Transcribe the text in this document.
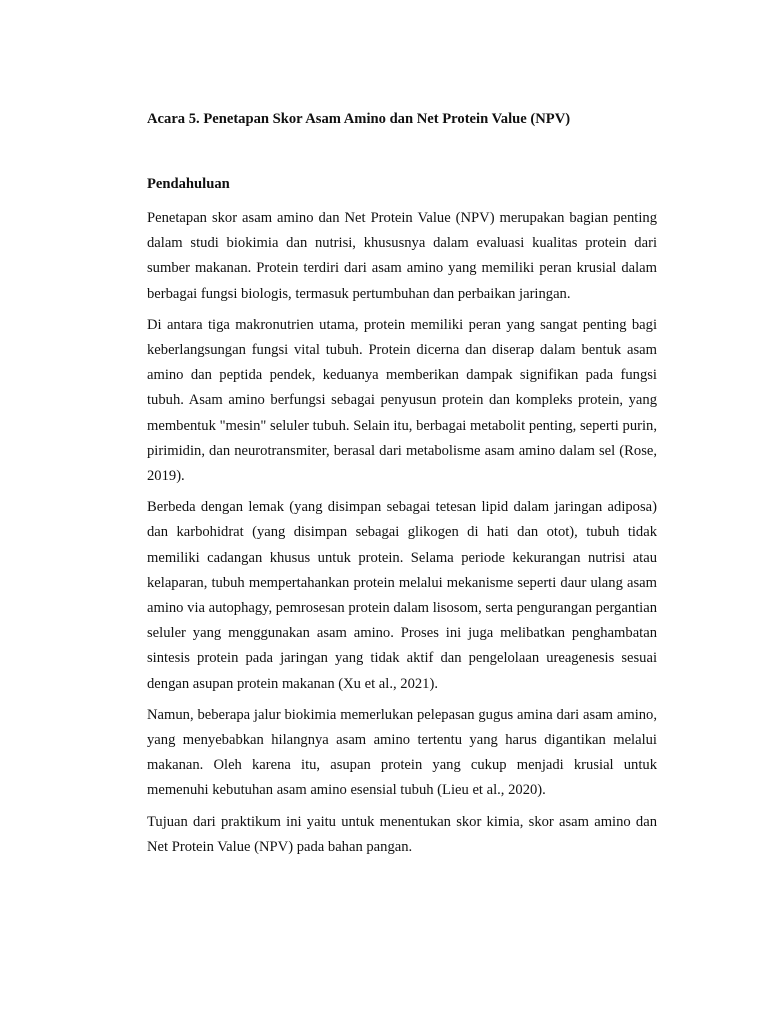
Acara 5. Penetapan Skor Asam Amino dan Net Protein Value (NPV)
Pendahuluan

Penetapan skor asam amino dan Net Protein Value (NPV) merupakan bagian penting dalam studi biokimia dan nutrisi, khususnya dalam evaluasi kualitas protein dari sumber makanan. Protein terdiri dari asam amino yang memiliki peran krusial dalam berbagai fungsi biologis, termasuk pertumbuhan dan perbaikan jaringan.

Di antara tiga makronutrien utama, protein memiliki peran yang sangat penting bagi keberlangsungan fungsi vital tubuh. Protein dicerna dan diserap dalam bentuk asam amino dan peptida pendek, keduanya memberikan dampak signifikan pada fungsi tubuh. Asam amino berfungsi sebagai penyusun protein dan kompleks protein, yang membentuk "mesin" seluler tubuh. Selain itu, berbagai metabolit penting, seperti purin, pirimidin, dan neurotransmiter, berasal dari metabolisme asam amino dalam sel (Rose, 2019).

Berbeda dengan lemak (yang disimpan sebagai tetesan lipid dalam jaringan adiposa) dan karbohidrat (yang disimpan sebagai glikogen di hati dan otot), tubuh tidak memiliki cadangan khusus untuk protein. Selama periode kekurangan nutrisi atau kelaparan, tubuh mempertahankan protein melalui mekanisme seperti daur ulang asam amino via autophagy, pemrosesan protein dalam lisosom, serta pengurangan pergantian seluler yang menggunakan asam amino. Proses ini juga melibatkan penghambatan sintesis protein pada jaringan yang tidak aktif dan pengelolaan ureagenesis sesuai dengan asupan protein makanan (Xu et al., 2021).

Namun, beberapa jalur biokimia memerlukan pelepasan gugus amina dari asam amino, yang menyebabkan hilangnya asam amino tertentu yang harus digantikan melalui makanan. Oleh karena itu, asupan protein yang cukup menjadi krusial untuk memenuhi kebutuhan asam amino esensial tubuh (Lieu et al., 2020).

Tujuan dari praktikum ini yaitu untuk menentukan skor kimia, skor asam amino dan Net Protein Value (NPV) pada bahan pangan.
